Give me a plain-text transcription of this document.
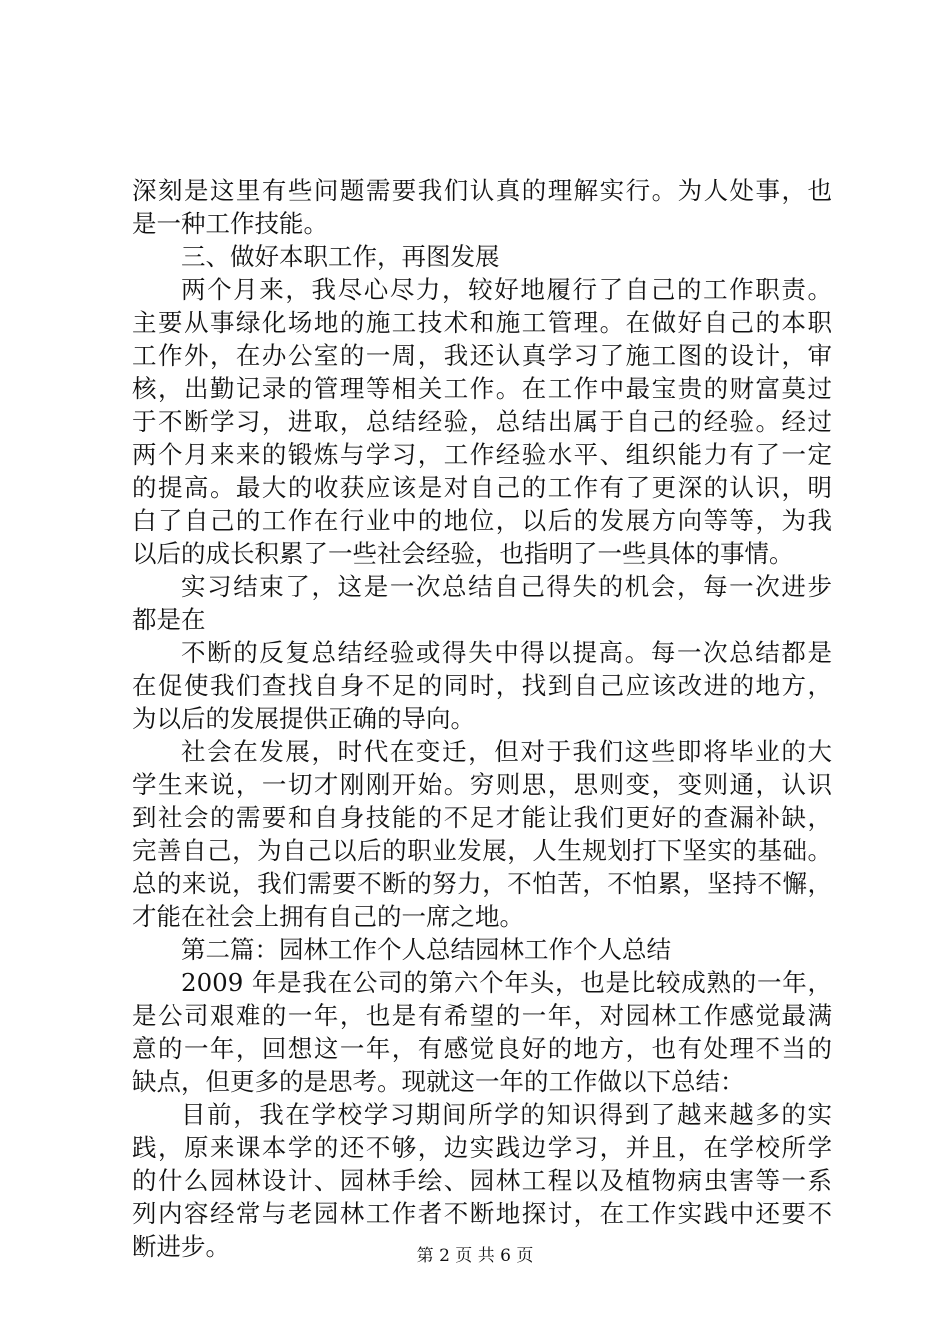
深刻是这里有些问题需要我们认真的理解实行。为人处事，也
是一种工作技能。
三、做好本职工作，再图发展
两个月来，我尽心尽力，较好地履行了自己的工作职责。
主要从事绿化场地的施工技术和施工管理。在做好自己的本职
工作外，在办公室的一周，我还认真学习了施工图的设计，审
核，出勤记录的管理等相关工作。在工作中最宝贵的财富莫过
于不断学习，进取，总结经验，总结出属于自己的经验。经过
两个月来来的锻炼与学习，工作经验水平、组织能力有了一定
的提高。最大的收获应该是对自己的工作有了更深的认识，明
白了自己的工作在行业中的地位，以后的发展方向等等，为我
以后的成长积累了一些社会经验，也指明了一些具体的事情。
实习结束了，这是一次总结自己得失的机会，每一次进步
都是在
不断的反复总结经验或得失中得以提高。每一次总结都是
在促使我们查找自身不足的同时，找到自己应该改进的地方，
为以后的发展提供正确的导向。
社会在发展，时代在变迁，但对于我们这些即将毕业的大
学生来说，一切才刚刚开始。穷则思，思则变，变则通，认识
到社会的需要和自身技能的不足才能让我们更好的查漏补缺，
完善自己，为自己以后的职业发展，人生规划打下坚实的基础。
总的来说，我们需要不断的努力，不怕苦，不怕累，坚持不懈，
才能在社会上拥有自己的一席之地。
第二篇：园林工作个人总结园林工作个人总结
2009 年是我在公司的第六个年头，也是比较成熟的一年，
是公司艰难的一年，也是有希望的一年，对园林工作感觉最满
意的一年，回想这一年，有感觉良好的地方，也有处理不当的
缺点，但更多的是思考。现就这一年的工作做以下总结：
目前，我在学校学习期间所学的知识得到了越来越多的实
践，原来课本学的还不够，边实践边学习，并且，在学校所学
的什么园林设计、园林手绘、园林工程以及植物病虫害等一系
列内容经常与老园林工作者不断地探讨，在工作实践中还要不
断进步。	第 2 页 共 6 页
